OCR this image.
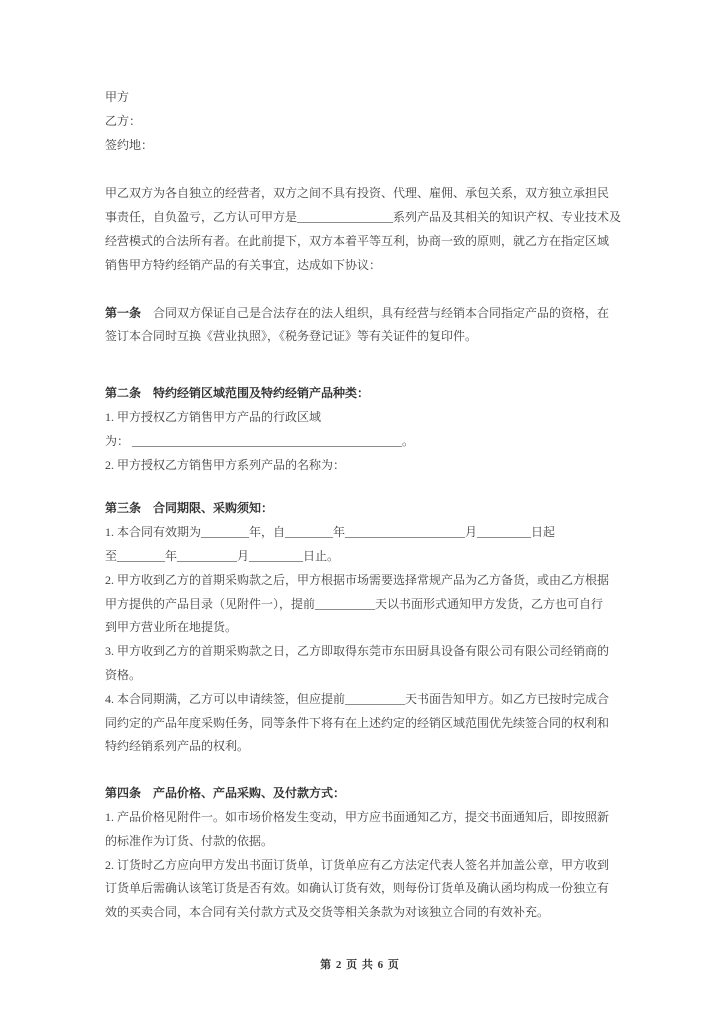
甲方
乙方：
签约地：
甲乙双方为各自独立的经营者，双方之间不具有投资、代理、雇佣、承包关系，双方独立承担民
事责任，自负盈亏，乙方认可甲方是________________系列产品及其相关的知识产权、专业技术及
经营模式的合法所有者。在此前提下，双方本着平等互利，协商一致的原则，就乙方在指定区域
销售甲方特约经销产品的有关事宜，达成如下协议：
第一条　合同双方保证自己是合法存在的法人组织，具有经营与经销本合同指定产品的资格，在
签订本合同时互换《营业执照》，《税务登记证》等有关证件的复印件。
第二条　特约经销区域范围及特约经销产品种类：
1. 甲方授权乙方销售甲方产品的行政区域
为： _____________________________________________。
2. 甲方授权乙方销售甲方系列产品的名称为：
第三条　合同期限、采购须知：
1. 本合同有效期为________年，自________年____________________月_________日起
至________年__________月_________日止。
2. 甲方收到乙方的首期采购款之后，甲方根据市场需要选择常规产品为乙方备货，或由乙方根据
甲方提供的产品目录（见附件一），提前__________天以书面形式通知甲方发货，乙方也可自行
到甲方营业所在地提货。
3. 甲方收到乙方的首期采购款之日，乙方即取得东莞市东田厨具设备有限公司有限公司经销商的
资格。
4. 本合同期满，乙方可以申请续签，但应提前__________天书面告知甲方。如乙方已按时完成合
同约定的产品年度采购任务，同等条件下将有在上述约定的经销区域范围优先续签合同的权利和
特约经销系列产品的权利。
第四条　产品价格、产品采购、及付款方式：
1. 产品价格见附件一。如市场价格发生变动，甲方应书面通知乙方，提交书面通知后，即按照新
的标准作为订货、付款的依据。
2. 订货时乙方应向甲方发出书面订货单，订货单应有乙方法定代表人签名并加盖公章，甲方收到
订货单后需确认该笔订货是否有效。如确认订货有效，则每份订货单及确认函均构成一份独立有
效的买卖合同，本合同有关付款方式及交货等相关条款为对该独立合同的有效补充。
第 2 页 共 6 页
